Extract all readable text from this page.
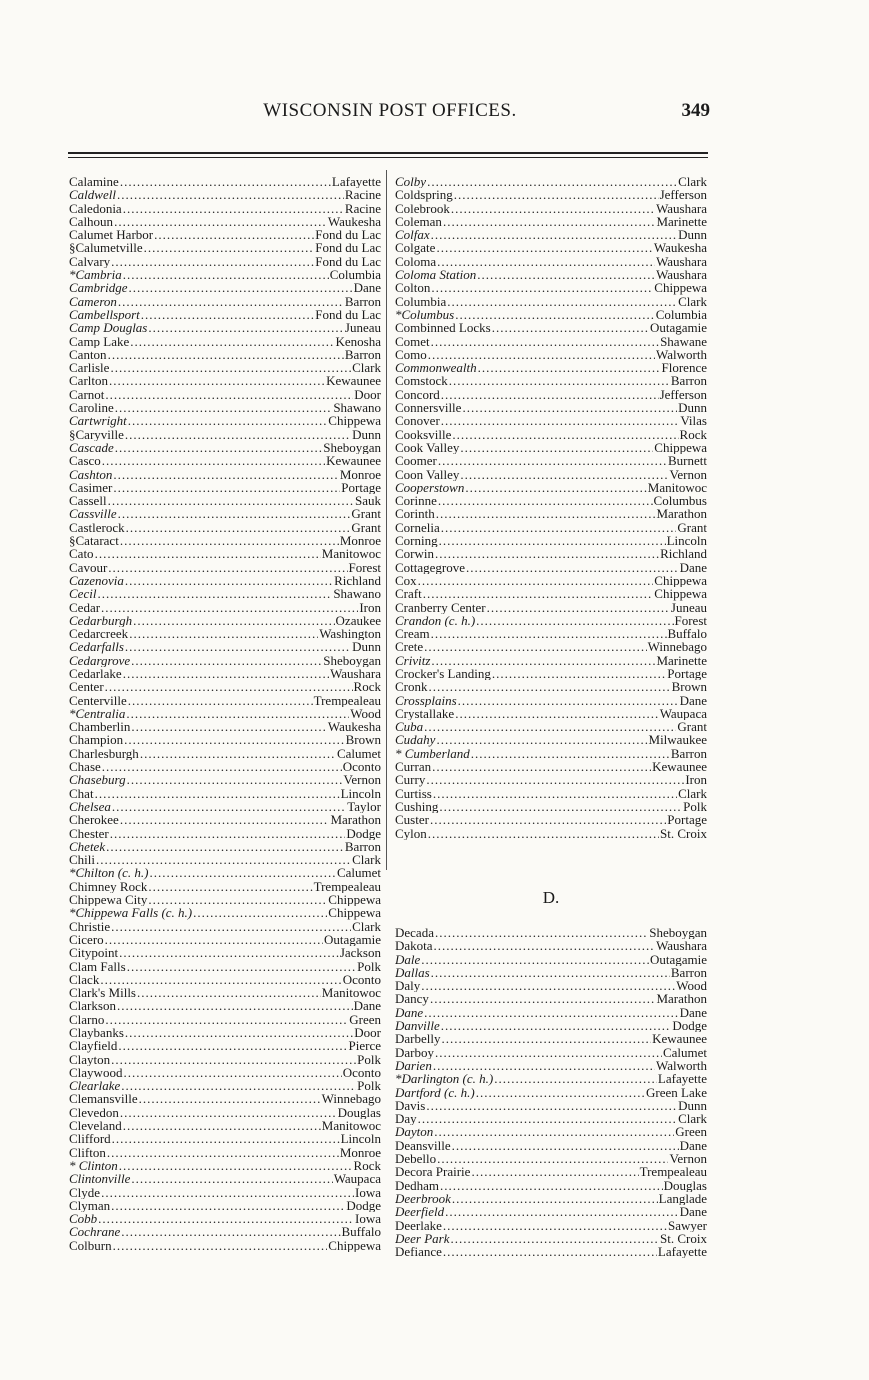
WISCONSIN POST OFFICES.	349
Calamine .....	Lafayette
Caldwell .....	Racine
Caledonia .....	Racine
Calhoun .....	Waukesha
Calumet Harbor .....	Fond du Lac
§Calumetville .....	Fond du Lac
Calvary .....	Fond du Lac
*Cambria .....	Columbia
Cambridge .....	Dane
Cameron .....	Barron
Cambellsport .....	Fond du Lac
Camp Douglas .....	Juneau
Camp Lake .....	Kenosha
Canton .....	Barron
Carlisle .....	Clark
Carlton .....	Kewaunee
Carnot .....	Door
Caroline .....	Shawano
Cartwright .....	Chippewa
§Caryville .....	Dunn
Cascade .....	Sheboygan
Casco .....	Kewaunee
Cashton .....	Monroe
Casimer .....	Portage
Cassell .....	Sauk
Cassville .....	Grant
Castlerock .....	Grant
§Cataract .....	Monroe
Cato .....	Manitowoc
Cavour .....	Forest
Cazenovia .....	Richland
Cecil .....	Shawano
Cedar .....	Iron
Cedarburgh .....	Ozaukee
Cedarcreek .....	Washington
Cedarfalls .....	Dunn
Cedargrove .....	Sheboygan
Cedarlake .....	Waushara
Center .....	Rock
Centerville .....	Trempealeau
*Centralia .....	Wood
Chamberlin .....	Waukesha
Champion .....	Brown
Charlesburgh .....	Calumet
Chase .....	Oconto
Chaseburg .....	Vernon
Chat .....	Lincoln
Chelsea .....	Taylor
Cherokee .....	Marathon
Chester .....	Dodge
Chetek .....	Barron
Chili .....	Clark
*Chilton (c. h.) .....	Calumet
Chimney Rock .....	Trempealeau
Chippewa City .....	Chippewa
*Chippewa Falls (c. h.) .....	Chippewa
Christie .....	Clark
Cicero .....	Outagamie
Citypoint .....	Jackson
Clam Falls .....	Polk
Clack .....	Oconto
Clark's Mills .....	Manitowoc
Clarkson .....	Dane
Clarno .....	Green
Claybanks .....	Door
Clayfield .....	Pierce
Clayton .....	Polk
Claywood .....	Oconto
Clearlake .....	Polk
Clemansville .....	Winnebago
Clevedon .....	Douglas
Cleveland .....	Manitowoc
Clifford .....	Lincoln
Clifton .....	Monroe
* Clinton .....	Rock
Clintonville .....	Waupaca
Clyde .....	Iowa
Clyman .....	Dodge
Cobb .....	Iowa
Cochrane .....	Buffalo
Colburn .....	Chippewa
Colby .....	Clark
Coldspring .....	Jefferson
Colebrook .....	Waushara
Coleman .....	Marinette
Colfax .....	Dunn
Colgate .....	Waukesha
Coloma .....	Waushara
Coloma Station .....	Waushara
Colton .....	Chippewa
Columbia .....	Clark
*Columbus .....	Columbia
Combinned Locks .....	Outagamie
Comet .....	Shawane
Como .....	Walworth
Commonwealth .....	Florence
Comstock .....	Barron
Concord .....	Jefferson
Connersville .....	Dunn
Conover .....	Vilas
Cooksville .....	Rock
Cook Valley .....	Chippewa
Coomer .....	Burnett
Coon Valley .....	Vernon
Cooperstown .....	Manitowoc
Corinne .....	Columbus
Corinth .....	Marathon
Cornelia .....	Grant
Corning .....	Lincoln
Corwin .....	Richland
Cottagegrove .....	Dane
Cox .....	Chippewa
Craft .....	Chippewa
Cranberry Center .....	Juneau
Crandon (c. h.) .....	Forest
Cream .....	Buffalo
Crete .....	Winnebago
Crivitz .....	Marinette
Crocker's Landing .....	Portage
Cronk .....	Brown
Crossplains .....	Dane
Crystallake .....	Waupaca
Cuba .....	Grant
Cudahy .....	Milwaukee
* Cumberland .....	Barron
Curran .....	Kewaunee
Curry .....	Iron
Curtiss .....	Clark
Cushing .....	Polk
Custer .....	Portage
Cylon .....	St. Croix
D.
Decada .....	Sheboygan
Dakota .....	Waushara
Dale .....	Outagamie
Dallas .....	Barron
Daly .....	Wood
Dancy .....	Marathon
Dane .....	Dane
Danville .....	Dodge
Darbelly .....	Kewaunee
Darboy .....	Calumet
Darien .....	Walworth
*Darlington (c. h.) .....	Lafayette
Dartford (c. h.) .....	Green Lake
Davis .....	Dunn
Day .....	Clark
Dayton .....	Green
Deansville .....	Dane
Debello .....	Vernon
Decora Prairie .....	Trempealeau
Dedham .....	Douglas
Deerbrook .....	Langlade
Deerfield .....	Dane
Deerlake .....	Sawyer
Deer Park .....	St. Croix
Defiance .....	Lafayette
